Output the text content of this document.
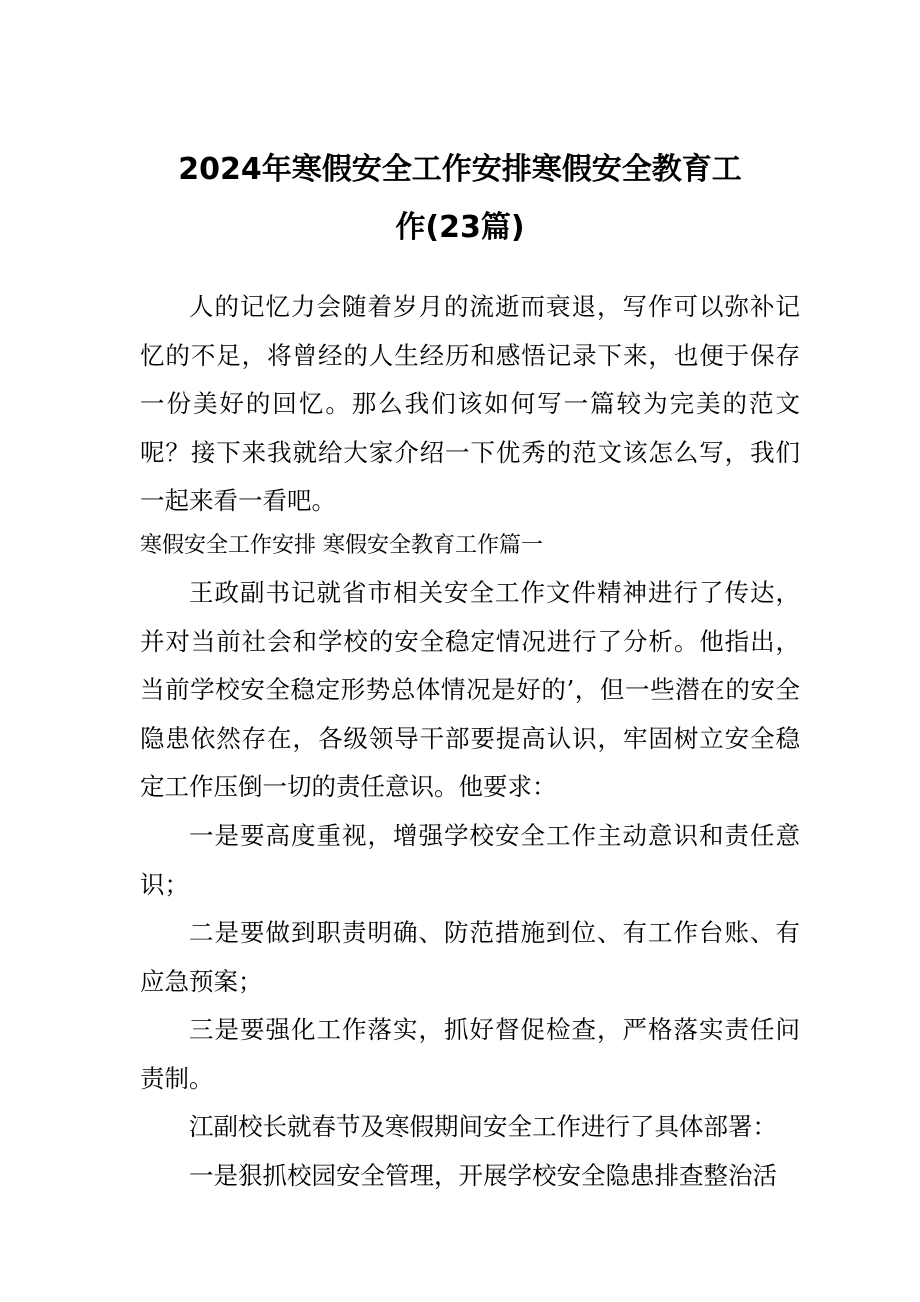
2024年寒假安全工作安排寒假安全教育工
作(23篇)

人的记忆力会随着岁月的流逝而衰退，写作可以弥补记忆的不足，将曾经的人生经历和感悟记录下来，也便于保存一份美好的回忆。那么我们该如何写一篇较为完美的范文呢？接下来我就给大家介绍一下优秀的范文该怎么写，我们一起来看一看吧。

寒假安全工作安排 寒假安全教育工作篇一

王政副书记就省市相关安全工作文件精神进行了传达，并对当前社会和学校的安全稳定情况进行了分析。他指出，当前学校安全稳定形势总体情况是好的’，但一些潜在的安全隐患依然存在，各级领导干部要提高认识，牢固树立安全稳定工作压倒一切的责任意识。他要求：

一是要高度重视，增强学校安全工作主动意识和责任意识；

二是要做到职责明确、防范措施到位、有工作台账、有应急预案；

三是要强化工作落实，抓好督促检查，严格落实责任问责制。

江副校长就春节及寒假期间安全工作进行了具体部署：

一是狠抓校园安全管理，开展学校安全隐患排查整治活
